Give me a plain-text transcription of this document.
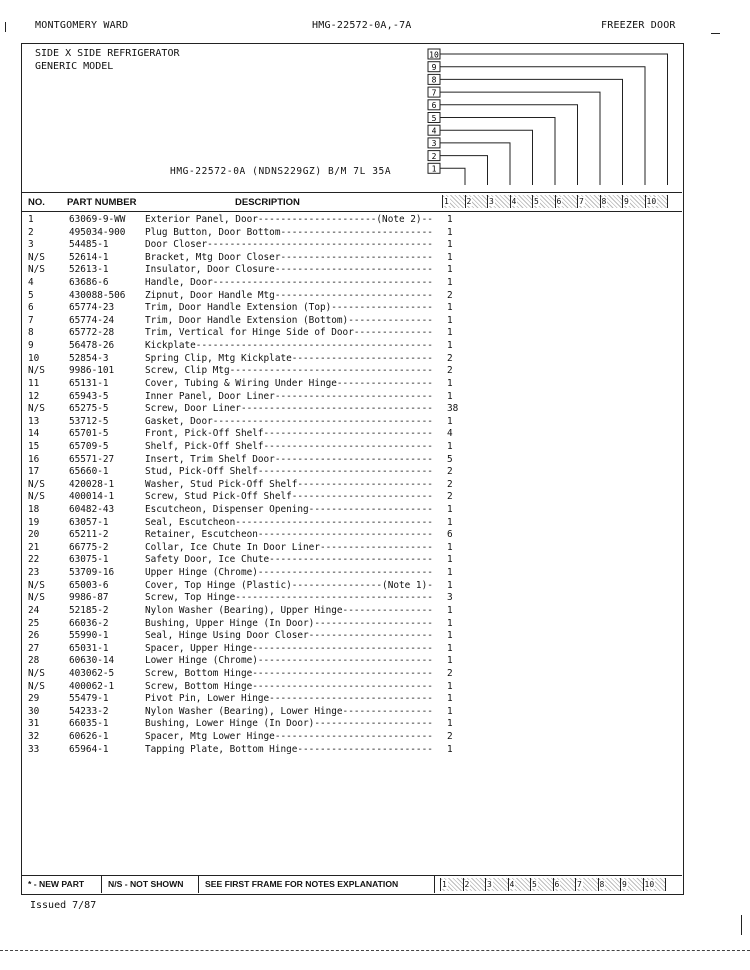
MONTGOMERY WARD	HMG-22572-0A,-7A	FREEZER DOOR
SIDE X SIDE REFRIGERATOR
GENERIC MODEL
10
9
8
7
6
5
4
3
2
1
HMG-22572-0A (NDNS229GZ) B/M 7L 35A
NO. PART NUMBER	DESCRIPTION	1	2	3	4	5	6	7	8	9	10
1	63069-9-WW Exterior Panel, Door---------------------(Note 2)-- 1
2	495034-900 Plug Button, Door Bottom--------------------------- 1
3	54485-1	Door Closer---------------------------------------- 1
N/S	52614-1	Bracket, Mtg Door Closer--------------------------- 1
N/S	52613-1	Insulator, Door Closure---------------------------- 1
4	63686-6	Handle, Door--------------------------------------- 1
5	430088-506 Zipnut, Door Handle Mtg---------------------------- 2
6	65774-23	Trim, Door Handle Extension (Top)------------------ 1
7	65774-24	Trim, Door Handle Extension (Bottom)--------------- 1
8	65772-28	Trim, Vertical for Hinge Side of Door-------------- 1
9	56478-26	Kickplate------------------------------------------ 1
10	52854-3	Spring Clip, Mtg Kickplate------------------------- 2
N/S	9986-101	Screw, Clip Mtg------------------------------------ 2
11	65131-1	Cover, Tubing & Wiring Under Hinge----------------- 1
12	65943-5	Inner Panel, Door Liner---------------------------- 1
N/S	65275-5	Screw, Door Liner---------------------------------- 38
13	53712-5	Gasket, Door--------------------------------------- 1
14	65701-5	Front, Pick-Off Shelf------------------------------ 4
15	65709-5	Shelf, Pick-Off Shelf------------------------------ 1
16	65571-27	Insert, Trim Shelf Door---------------------------- 5
17	65660-1	Stud, Pick-Off Shelf------------------------------- 2
N/S	420028-1	Washer, Stud Pick-Off Shelf------------------------ 2
N/S	400014-1	Screw, Stud Pick-Off Shelf------------------------- 2
18	60482-43	Escutcheon, Dispenser Opening---------------------- 1
19	63057-1	Seal, Escutcheon----------------------------------- 1
20	65211-2	Retainer, Escutcheon------------------------------- 6
21	66775-2	Collar, Ice Chute In Door Liner-------------------- 1
22	63075-1	Safety Door, Ice Chute----------------------------- 1
23	53709-16	Upper Hinge (Chrome)------------------------------- 1
N/S	65003-6	Cover, Top Hinge (Plastic)----------------(Note 1)- 1
N/S	9986-87	Screw, Top Hinge----------------------------------- 3
24	52185-2	Nylon Washer (Bearing), Upper Hinge---------------- 1
25	66036-2	Bushing, Upper Hinge (In Door)--------------------- 1
26	55990-1	Seal, Hinge Using Door Closer---------------------- 1
27	65031-1	Spacer, Upper Hinge-------------------------------- 1
28	60630-14	Lower Hinge (Chrome)------------------------------- 1
N/S	403062-5	Screw, Bottom Hinge-------------------------------- 2
N/S	400062-1	Screw, Bottom Hinge-------------------------------- 1
29	55479-1	Pivot Pin, Lower Hinge----------------------------- 1
30	54233-2	Nylon Washer (Bearing), Lower Hinge---------------- 1
31	66035-1	Bushing, Lower Hinge (In Door)--------------------- 1
32	60626-1	Spacer, Mtg Lower Hinge---------------------------- 2
33	65964-1	Tapping Plate, Bottom Hinge------------------------ 1
* - NEW PART	N/S - NOT SHOWN	SEE FIRST FRAME FOR NOTES EXPLANATION	1	2	3	4	5	6	7	8	9	10
Issued 7/87
